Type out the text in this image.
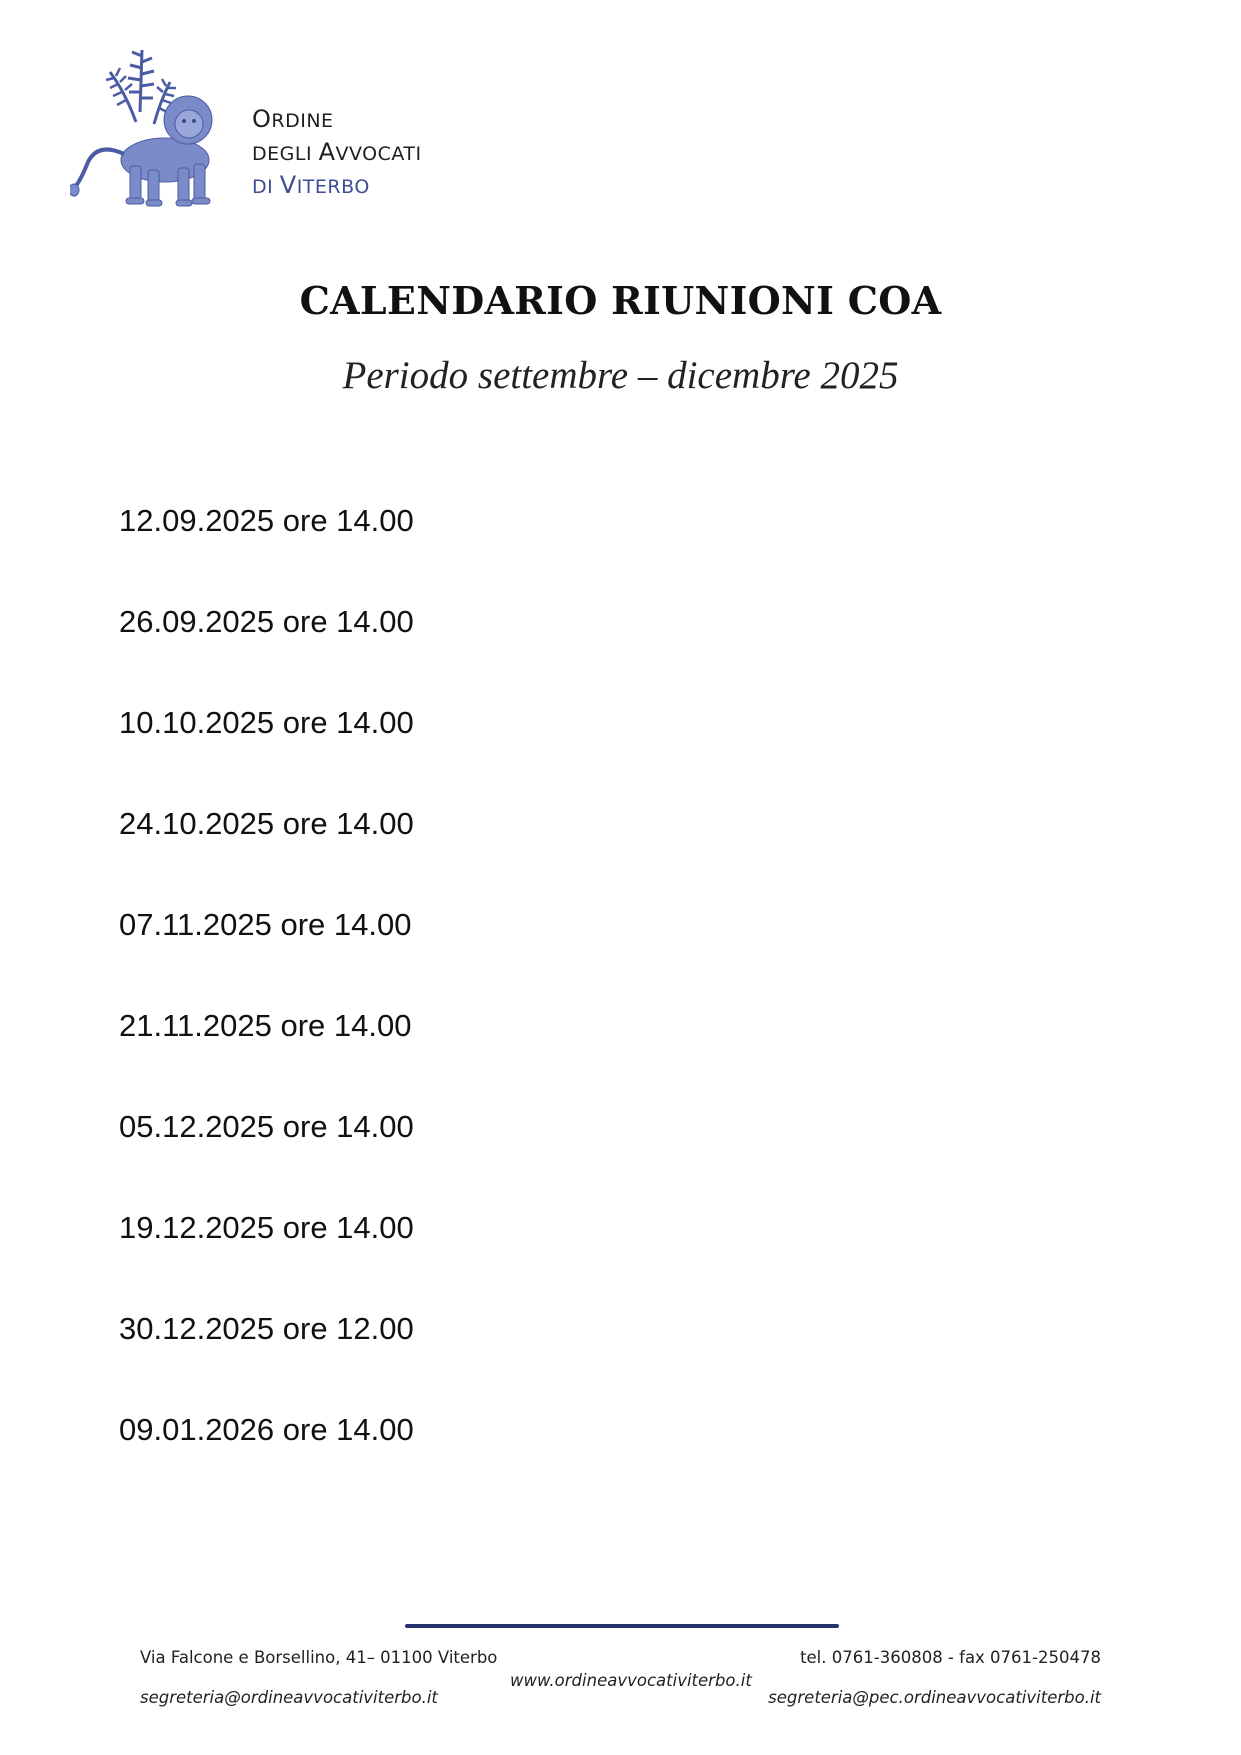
ORDINE
DEGLI AVVOCATI
DI VITERBO
CALENDARIO RIUNIONI COA
Periodo settembre – dicembre 2025
12.09.2025 ore 14.00
26.09.2025 ore 14.00
10.10.2025 ore 14.00
24.10.2025 ore 14.00
07.11.2025 ore 14.00
21.11.2025 ore 14.00
05.12.2025 ore 14.00
19.12.2025 ore 14.00
30.12.2025 ore 12.00
09.01.2026 ore 14.00
Via Falcone e Borsellino, 41– 01100 Viterbo
www.ordineavvocativiterbo.it
tel. 0761-360808 - fax 0761-250478
segreteria@ordineavvocativiterbo.it	segreteria@pec.ordineavvocativiterbo.it
